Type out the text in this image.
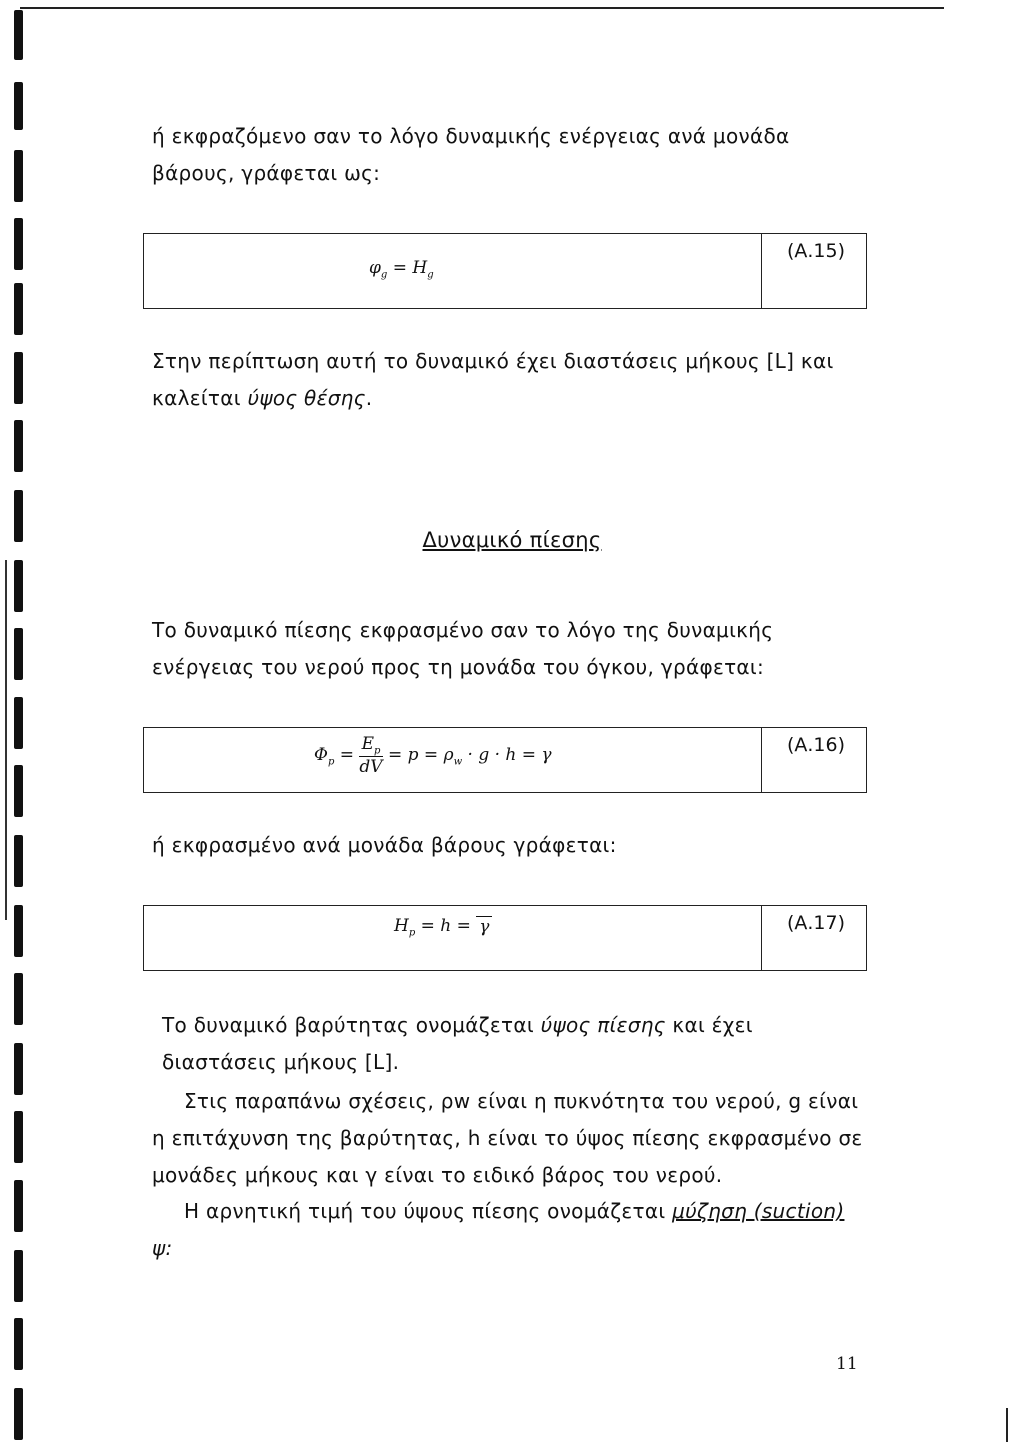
ή εκφραζόμενο σαν το λόγο δυναμικής ενέργειας ανά μονάδα βάρους, γράφεται ως:
$\varphi_g = H_g$
(Α.15)
Στην περίπτωση αυτή το δυναμικό έχει διαστάσεις μήκους [L] και καλείται ύψος θέσης.
Δυναμικό πίεσης
Το δυναμικό πίεσης εκφρασμένο σαν το λόγο της δυναμικής ενέργειας του νερού προς τη μονάδα του όγκου, γράφεται:
$\Phi_p = \frac{E_p}{dV} = p = \rho_w \cdot g \cdot h = \gamma$	(Α.16)
ή εκφρασμένο ανά μονάδα βάρους γράφεται:
$H_p = h = \gamma$	(Α.17)
Το δυναμικό βαρύτητας ονομάζεται ύψος πίεσης και έχει διαστάσεις μήκους [L].
Στις παραπάνω σχέσεις, ρw είναι η πυκνότητα του νερού, g είναι η επιτάχυνση της βαρύτητας, h είναι το ύψος πίεσης εκφρασμένο σε μονάδες μήκους και γ είναι το ειδικό βάρος του νερού.
Η αρνητική τιμή του ύψους πίεσης ονομάζεται μύζηση (suction)
ψ:
11
